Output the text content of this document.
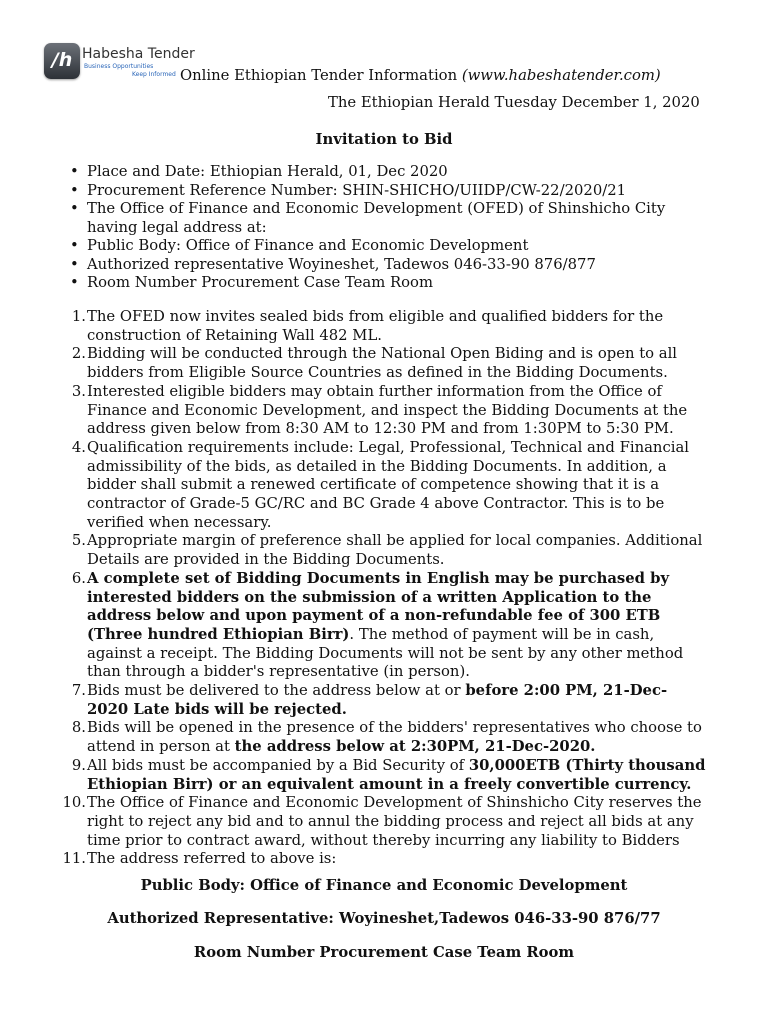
/h Habesha Tender
Business Opportunities
Keep Informed Online Ethiopian Tender Information (www.habeshatender.com)
The Ethiopian Herald Tuesday December 1, 2020
Invitation to Bid
• Place and Date: Ethiopian Herald, 01, Dec 2020
• Procurement Reference Number: SHIN-SHICHO/UIIDP/CW-22/2020/21
• The Office of Finance and Economic Development (OFED) of Shinshicho City having legal address at:
• Public Body: Office of Finance and Economic Development
• Authorized representative Woyineshet, Tadewos 046-33-90 876/877
• Room Number Procurement Case Team Room
1. The OFED now invites sealed bids from eligible and qualified bidders for the construction of Retaining Wall 482 ML.
2. Bidding will be conducted through the National Open Biding and is open to all bidders from Eligible Source Countries as defined in the Bidding Documents.
3. Interested eligible bidders may obtain further information from the Office of Finance and Economic Development, and inspect the Bidding Documents at the address given below from 8:30 AM to 12:30 PM and from 1:30PM to 5:30 PM.
4. Qualification requirements include: Legal, Professional, Technical and Financial admissibility of the bids, as detailed in the Bidding Documents. In addition, a bidder shall submit a renewed certificate of competence showing that it is a contractor of Grade-5 GC/RC and BC Grade 4 above Contractor. This is to be verified when necessary.
5. Appropriate margin of preference shall be applied for local companies. Additional Details are provided in the Bidding Documents.
6. A complete set of Bidding Documents in English may be purchased by interested bidders on the submission of a written Application to the address below and upon payment of a non-refundable fee of 300 ETB (Three hundred Ethiopian Birr). The method of payment will be in cash, against a receipt. The Bidding Documents will not be sent by any other method than through a bidder's representative (in person).
7. Bids must be delivered to the address below at or before 2:00 PM, 21-Dec-2020 Late bids will be rejected.
8. Bids will be opened in the presence of the bidders' representatives who choose to attend in person at the address below at 2:30PM, 21-Dec-2020.
9. All bids must be accompanied by a Bid Security of 30,000ETB (Thirty thousand Ethiopian Birr) or an equivalent amount in a freely convertible currency.
10. The Office of Finance and Economic Development of Shinshicho City reserves the right to reject any bid and to annul the bidding process and reject all bids at any time prior to contract award, without thereby incurring any liability to Bidders
11. The address referred to above is:
Public Body: Office of Finance and Economic Development
Authorized Representative: Woyineshet,Tadewos 046-33-90 876/77
Room Number Procurement Case Team Room
